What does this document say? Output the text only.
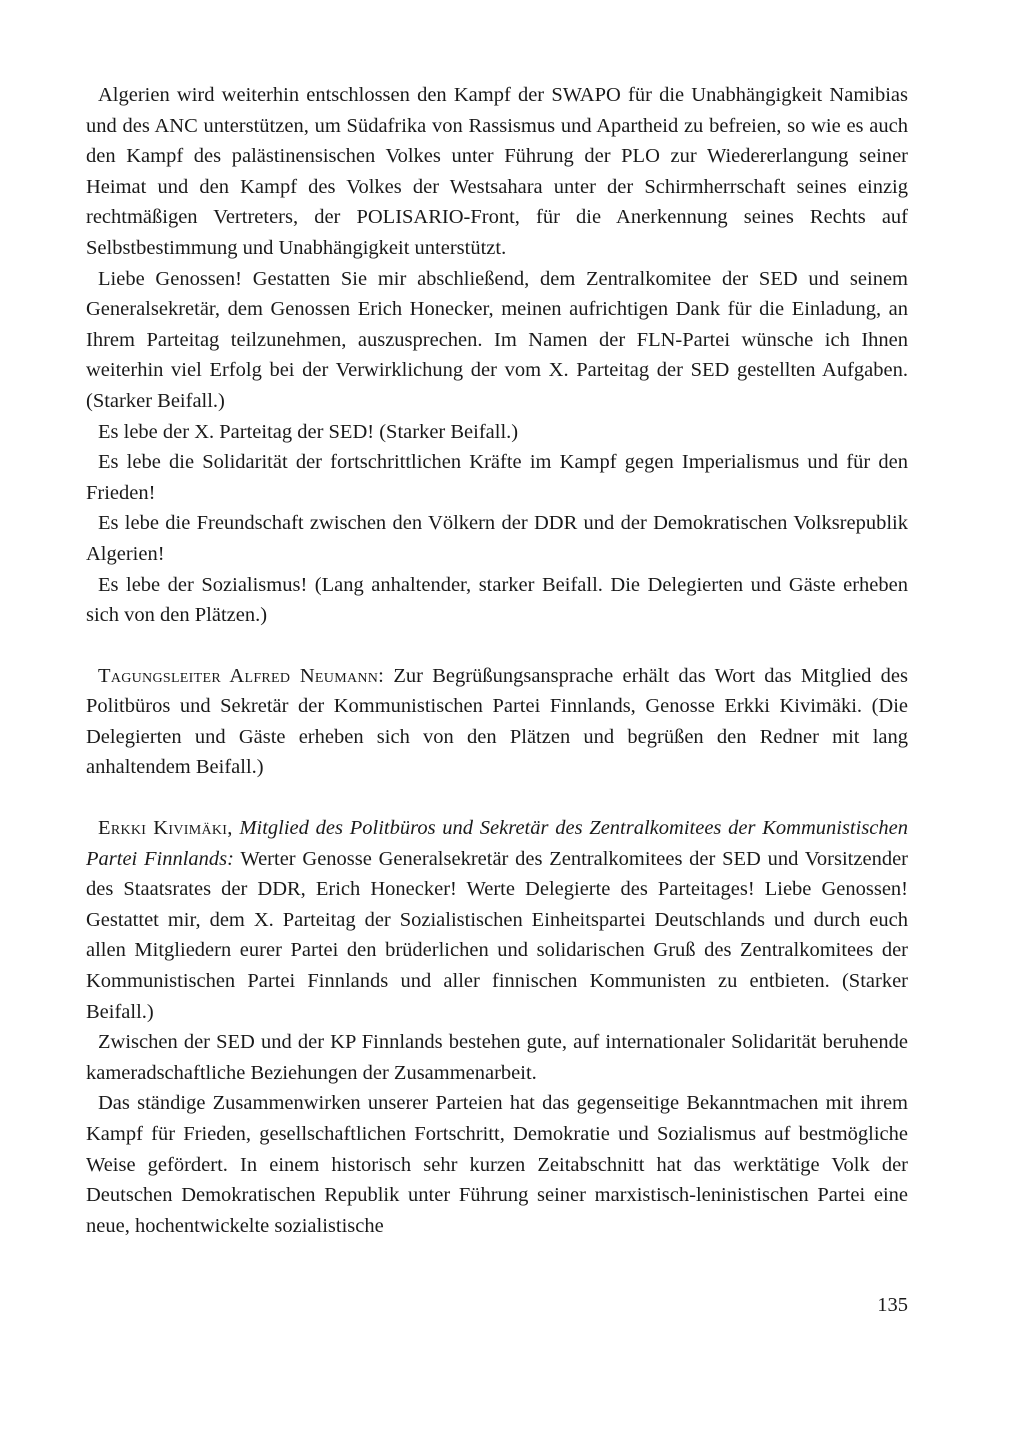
Algerien wird weiterhin entschlossen den Kampf der SWAPO für die Unabhängigkeit Namibias und des ANC unterstützen, um Südafrika von Rassismus und Apartheid zu befreien, so wie es auch den Kampf des palästinensischen Volkes unter Führung der PLO zur Wiedererlangung seiner Heimat und den Kampf des Volkes der Westsahara unter der Schirmherrschaft seines einzig rechtmäßigen Vertreters, der POLISARIO-Front, für die Anerkennung seines Rechts auf Selbstbestimmung und Unabhängigkeit unterstützt.

Liebe Genossen! Gestatten Sie mir abschließend, dem Zentralkomitee der SED und seinem Generalsekretär, dem Genossen Erich Honecker, meinen aufrichtigen Dank für die Einladung, an Ihrem Parteitag teilzunehmen, auszusprechen. Im Namen der FLN-Partei wünsche ich Ihnen weiterhin viel Erfolg bei der Verwirklichung der vom X. Parteitag der SED gestellten Aufgaben. (Starker Beifall.)

Es lebe der X. Parteitag der SED! (Starker Beifall.)

Es lebe die Solidarität der fortschrittlichen Kräfte im Kampf gegen Imperialismus und für den Frieden!

Es lebe die Freundschaft zwischen den Völkern der DDR und der Demokratischen Volksrepublik Algerien!

Es lebe der Sozialismus! (Lang anhaltender, starker Beifall. Die Delegierten und Gäste erheben sich von den Plätzen.)

Tagungsleiter Alfred Neumann: Zur Begrüßungsansprache erhält das Wort das Mitglied des Politbüros und Sekretär der Kommunistischen Partei Finnlands, Genosse Erkki Kivimäki. (Die Delegierten und Gäste erheben sich von den Plätzen und begrüßen den Redner mit lang anhaltendem Beifall.)

Erkki Kivimäki, Mitglied des Politbüros und Sekretär des Zentralkomitees der Kommunistischen Partei Finnlands: Werter Genosse Generalsekretär des Zentralkomitees der SED und Vorsitzender des Staatsrates der DDR, Erich Honecker! Werte Delegierte des Parteitages! Liebe Genossen! Gestattet mir, dem X. Parteitag der Sozialistischen Einheitspartei Deutschlands und durch euch allen Mitgliedern eurer Partei den brüderlichen und solidarischen Gruß des Zentralkomitees der Kommunistischen Partei Finnlands und aller finnischen Kommunisten zu entbieten. (Starker Beifall.)

Zwischen der SED und der KP Finnlands bestehen gute, auf internationaler Solidarität beruhende kameradschaftliche Beziehungen der Zusammenarbeit.

Das ständige Zusammenwirken unserer Parteien hat das gegenseitige Bekanntmachen mit ihrem Kampf für Frieden, gesellschaftlichen Fortschritt, Demokratie und Sozialismus auf bestmögliche Weise gefördert. In einem historisch sehr kurzen Zeitabschnitt hat das werktätige Volk der Deutschen Demokratischen Republik unter Führung seiner marxistisch-leninistischen Partei eine neue, hochentwickelte sozialistische

135
